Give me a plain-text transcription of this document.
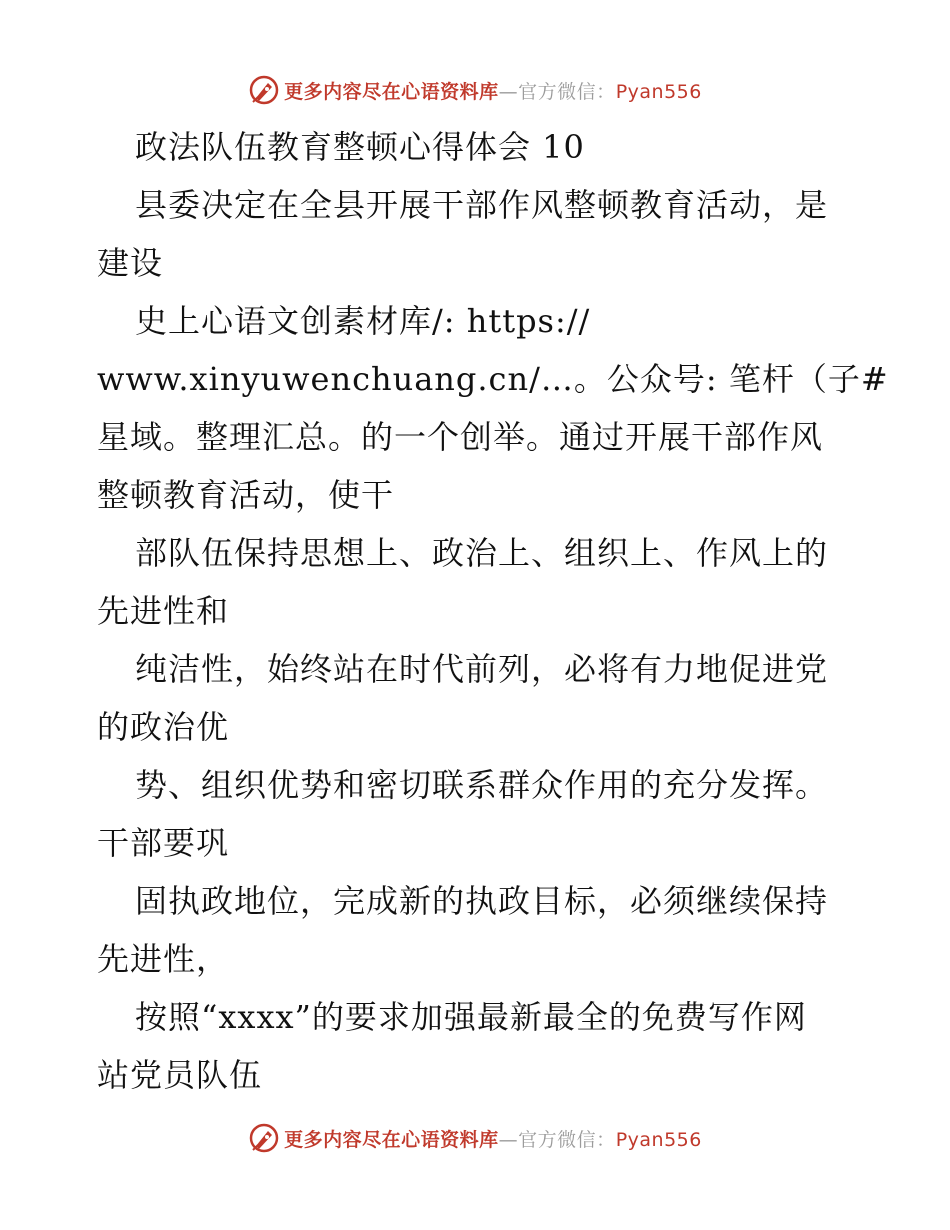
更多内容尽在心语资料库—官方微信：Pyan556
政法队伍教育整顿心得体会 10
县委决定在全县开展干部作风整顿教育活动，是
建设
史上心语文创素材库/: https://
www.xinyuwenchuang.cn/…。公众号: 笔杆（子#
星域。整理汇总。的一个创举。通过开展干部作风
整顿教育活动，使干
部队伍保持思想上、政治上、组织上、作风上的
先进性和
纯洁性，始终站在时代前列，必将有力地促进党
的政治优
势、组织优势和密切联系群众作用的充分发挥。
干部要巩
固执政地位，完成新的执政目标，必须继续保持
先进性，
按照“xxxx”的要求加强最新最全的免费写作网
站党员队伍
更多内容尽在心语资料库—官方微信：Pyan556
